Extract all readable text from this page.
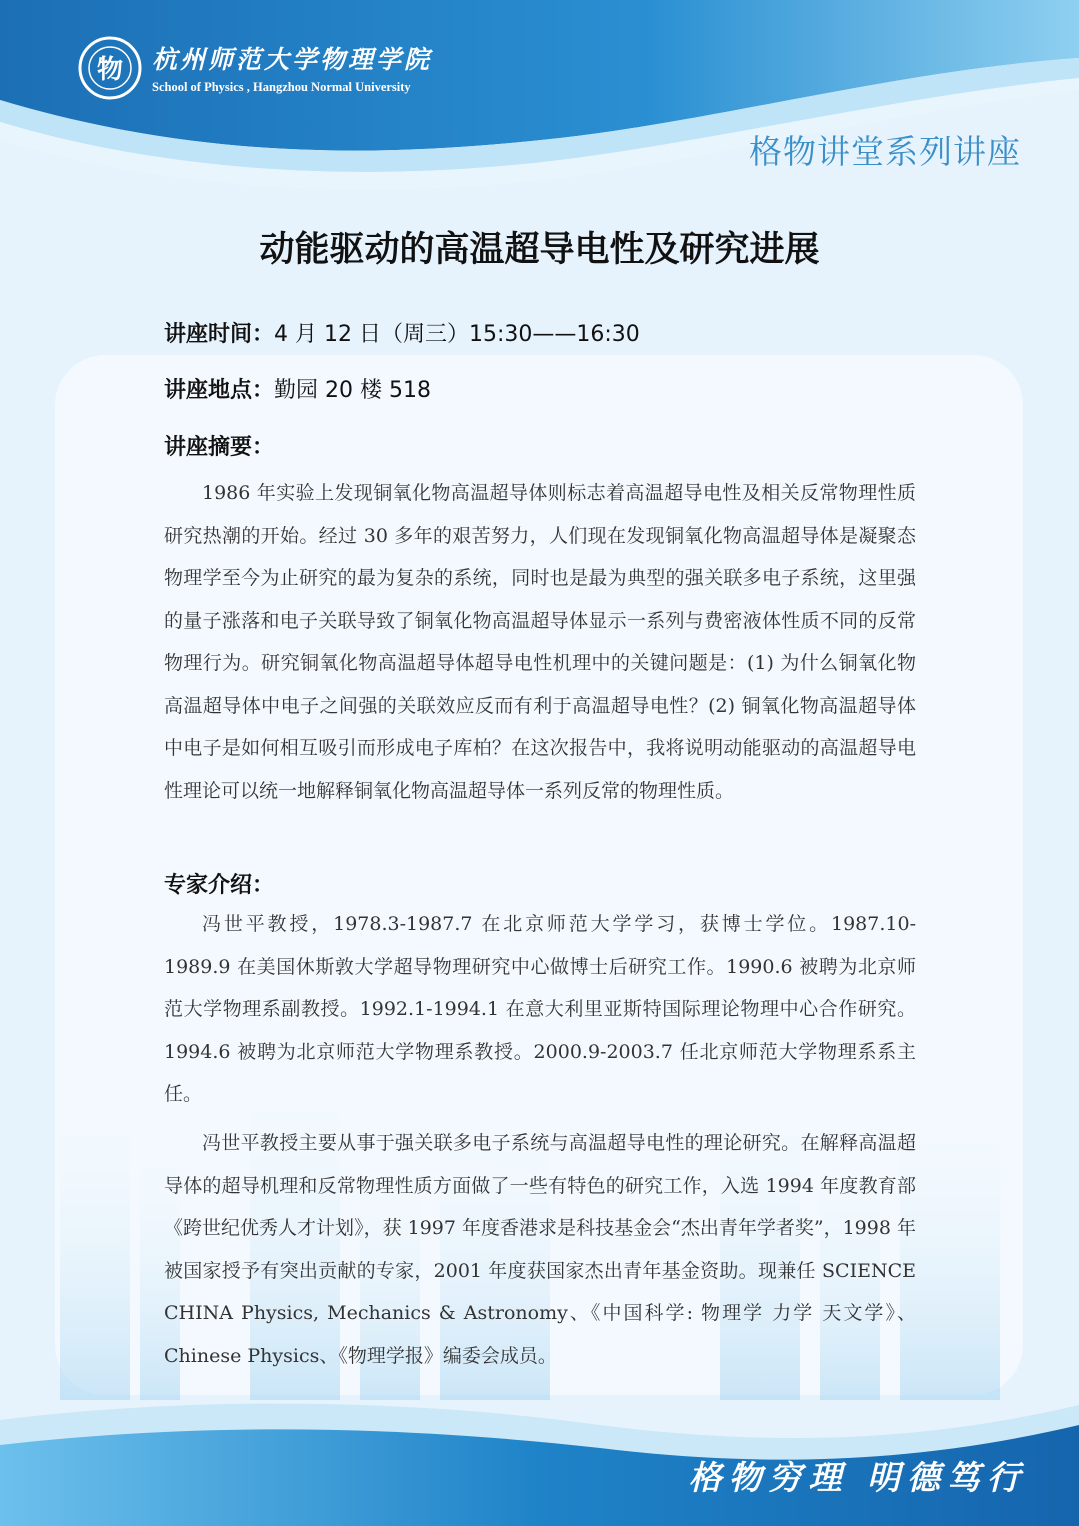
物 杭州师范大学物理学院
School of Physics , Hangzhou Normal University
格物讲堂系列讲座
动能驱动的高温超导电性及研究进展
讲座时间：4 月 12 日（周三）15:30——16:30
讲座地点：勤园 20 楼 518
讲座摘要：

1986 年实验上发现铜氧化物高温超导体则标志着高温超导电性及相关反常物理性质研究热潮的开始。经过 30 多年的艰苦努力，人们现在发现铜氧化物高温超导体是凝聚态物理学至今为止研究的最为复杂的系统，同时也是最为典型的强关联多电子系统，这里强的量子涨落和电子关联导致了铜氧化物高温超导体显示一系列与费密液体性质不同的反常物理行为。研究铜氧化物高温超导体超导电性机理中的关键问题是：(1) 为什么铜氧化物高温超导体中电子之间强的关联效应反而有利于高温超导电性？(2) 铜氧化物高温超导体中电子是如何相互吸引而形成电子库柏？在这次报告中，我将说明动能驱动的高温超导电性理论可以统一地解释铜氧化物高温超导体一系列反常的物理性质。

专家介绍：

冯世平教授，1978.3-1987.7 在北京师范大学学习，获博士学位。1987.10-1989.9 在美国休斯敦大学超导物理研究中心做博士后研究工作。1990.6 被聘为北京师范大学物理系副教授。1992.1-1994.1 在意大利里亚斯特国际理论物理中心合作研究。1994.6 被聘为北京师范大学物理系教授。2000.9-2003.7 任北京师范大学物理系系主任。

冯世平教授主要从事于强关联多电子系统与高温超导电性的理论研究。在解释高温超导体的超导机理和反常物理性质方面做了一些有特色的研究工作，入选 1994 年度教育部《跨世纪优秀人才计划》，获 1997 年度香港求是科技基金会“杰出青年学者奖”，1998 年被国家授予有突出贡献的专家，2001 年度获国家杰出青年基金资助。现兼任 SCIENCE CHINA Physics, Mechanics & Astronomy、《中国科学: 物理学 力学 天文学》、Chinese Physics、《物理学报》编委会成员。

格物穷理 明德笃行
